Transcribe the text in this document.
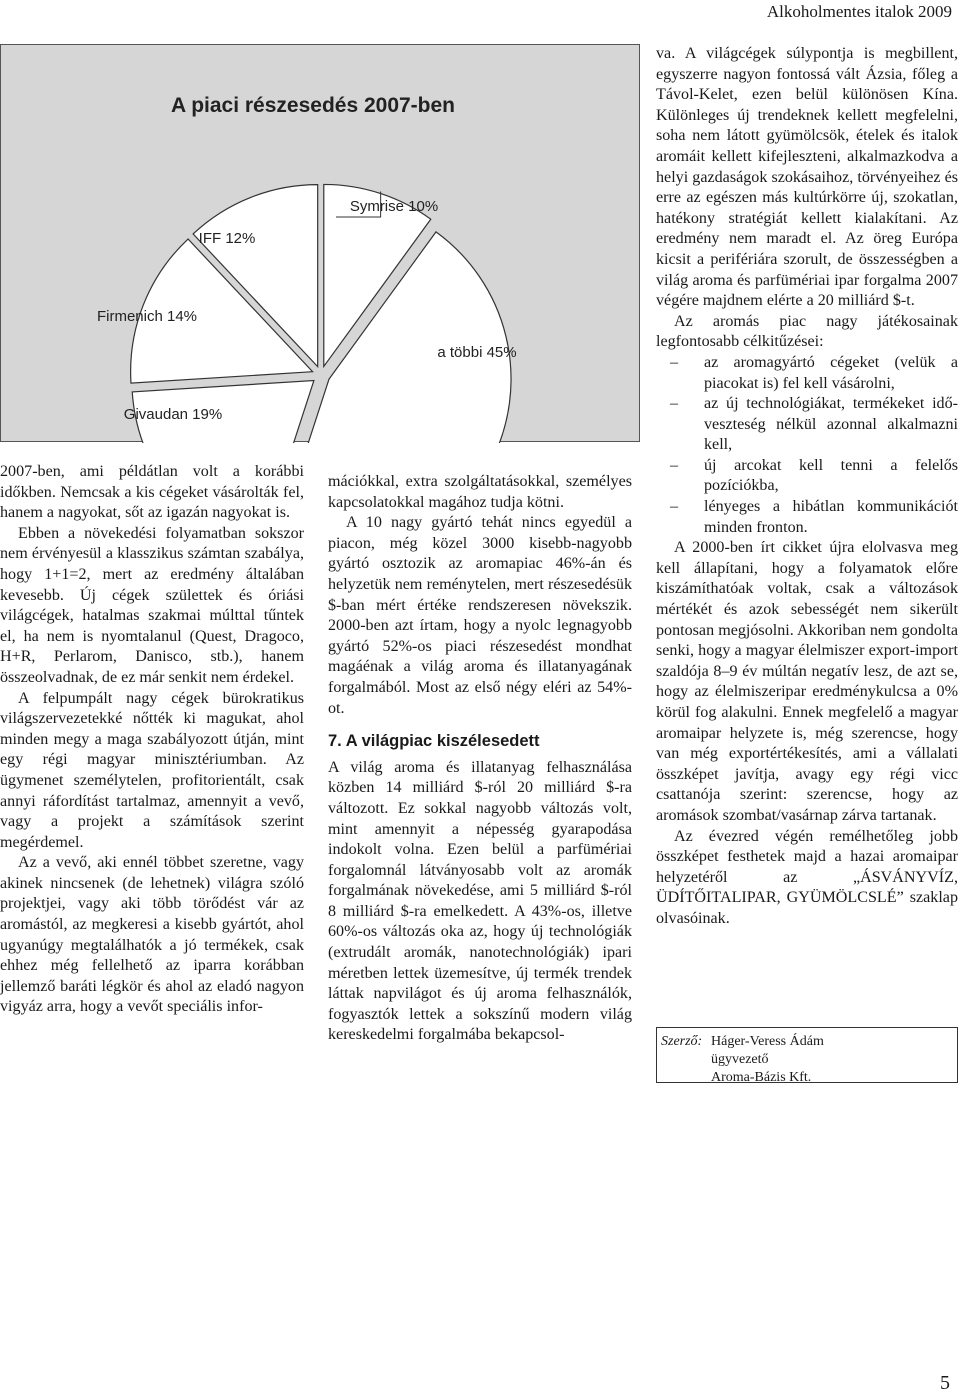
Alkoholmentes italok 2009
A piaci részesedés 2007-ben
Symrise 10%
a többi 45%
Givaudan 19%
Firmenich 14%
IFF 12%

2007-ben, ami példátlan volt a korábbi időkben. Nemcsak a kis cégeket vásárolták fel, hanem a nagyokat, sőt az igazán nagyokat is.

Ebben a növekedési folyamatban sokszor nem érvényesül a klasszikus számtan szabálya, hogy 1+1=2, mert az eredmény általában kevesebb. Új cégek születtek és óriási világcégek, hatalmas szakmai múlttal tűntek el, ha nem is nyomtalanul (Quest, Dragoco, H+R, Perlarom, Danisco, stb.), hanem összeolvadnak, de ez már senkit nem érdekel.

A felpumpált nagy cégek bürokratikus világszervezetekké nőtték ki magukat, ahol minden megy a maga szabályozott útján, mint egy régi magyar minisztériumban. Az ügymenet személytelen, profitorientált, csak annyi ráfordítást tartalmaz, amennyit a vevő, vagy a projekt a számítások szerint megérdemel.

Az a vevő, aki ennél többet szeretne, vagy akinek nincsenek (de lehetnek) világra szóló projektjei, vagy aki több törődést vár az aromástól, az megkeresi a kisebb gyártót, ahol ugyanúgy megtalálhatók a jó termékek, csak ehhez még fellelhető az iparra korábban jellemző baráti légkör és ahol az eladó nagyon vigyáz arra, hogy a vevőt speciális infor-

mációkkal, extra szolgáltatásokkal, személyes kapcsolatokkal magához tudja kötni.

A 10 nagy gyártó tehát nincs egyedül a piacon, még közel 3000 kisebb-nagyobb gyártó osztozik az aromapiac 46%-án és helyzetük nem reménytelen, mert részesedésük $-ban mért értéke rendszeresen növekszik. 2000-ben azt írtam, hogy a nyolc legnagyobb gyártó 52%-os piaci részesedést mondhat magáénak a világ aroma és illatanyagának forgalmából. Most az első négy eléri az 54%-ot.

7. A világpiac kiszélesedett

A világ aroma és illatanyag felhasználása közben 14 milliárd $-ról 20 milliárd $-ra változott. Ez sokkal nagyobb változás volt, mint amennyit a népesség gyarapodása indokolt volna. Ezen belül a parfümériai forgalomnál látványosabb volt az aromák forgalmának növekedése, ami 5 milliárd $-ról 8 milliárd $-ra emelkedett. A 43%-os, illetve 60%-os változás oka az, hogy új technológiák (extrudált aromák, nanotechnológiák) ipari méretben lettek üzemesítve, új termék trendek láttak napvilágot és új aroma felhasználók, fogyasztók lettek a sokszínű modern világ kereskedelmi forgalmába bekapcsol-

va. A világcégek súlypontja is megbillent, egyszerre nagyon fontossá vált Ázsia, főleg a Távol-Kelet, ezen belül különösen Kína. Különleges új trendeknek kellett megfelelni, soha nem látott gyümölcsök, ételek és italok aromáit kellett kifejleszteni, alkalmazkodva a helyi gazdaságok szokásaihoz, törvényeihez és erre az egészen más kultúrkörre új, szokatlan, hatékony stratégiát kellett kialakítani. Az eredmény nem maradt el. Az öreg Európa kicsit a perifériára szorult, de összességben a világ aroma és parfümériai ipar forgalma 2007 végére majdnem elérte a 20 milliárd $-t.

Az aromás piac nagy játékosainak legfontosabb célkitűzései:

– az aromagyártó cégeket (velük a piacokat is) fel kell vásárolni,
– az új technológiákat, termékeket időveszteség nélkül azonnal alkalmazni kell,
– új arcokat kell tenni a felelős pozíciókba,
– lényeges a hibátlan kommunikációt minden fronton.

A 2000-ben írt cikket újra elolvasva meg kell állapítani, hogy a folyamatok előre kiszámíthatóak voltak, csak a változások mértékét és azok sebességét nem sikerült pontosan megjósolni. Akkoriban nem gondolta senki, hogy a magyar élelmiszer export-import szaldója 8–9 év múltán negatív lesz, de azt se, hogy az élelmiszeripar eredménykulcsa a 0% körül fog alakulni. Ennek megfelelő a magyar aromaipar helyzete is, még szerencse, hogy van még exportértékesítés, ami a vállalati összképet javítja, avagy egy régi vicc csattanója szerint: szerencse, hogy az aromások szombat/vasárnap zárva tartanak.

Az évezred végén remélhetőleg jobb összképet festhetek majd a hazai aromaipar helyzetéről az „ÁSVÁNYVÍZ, ÜDÍTŐITALIPAR, GYÜMÖLCSLÉ” szaklap olvasóinak.

Szerző: Háger-Veress Ádám
ügyvezető
Aroma-Bázis Kft.
5
